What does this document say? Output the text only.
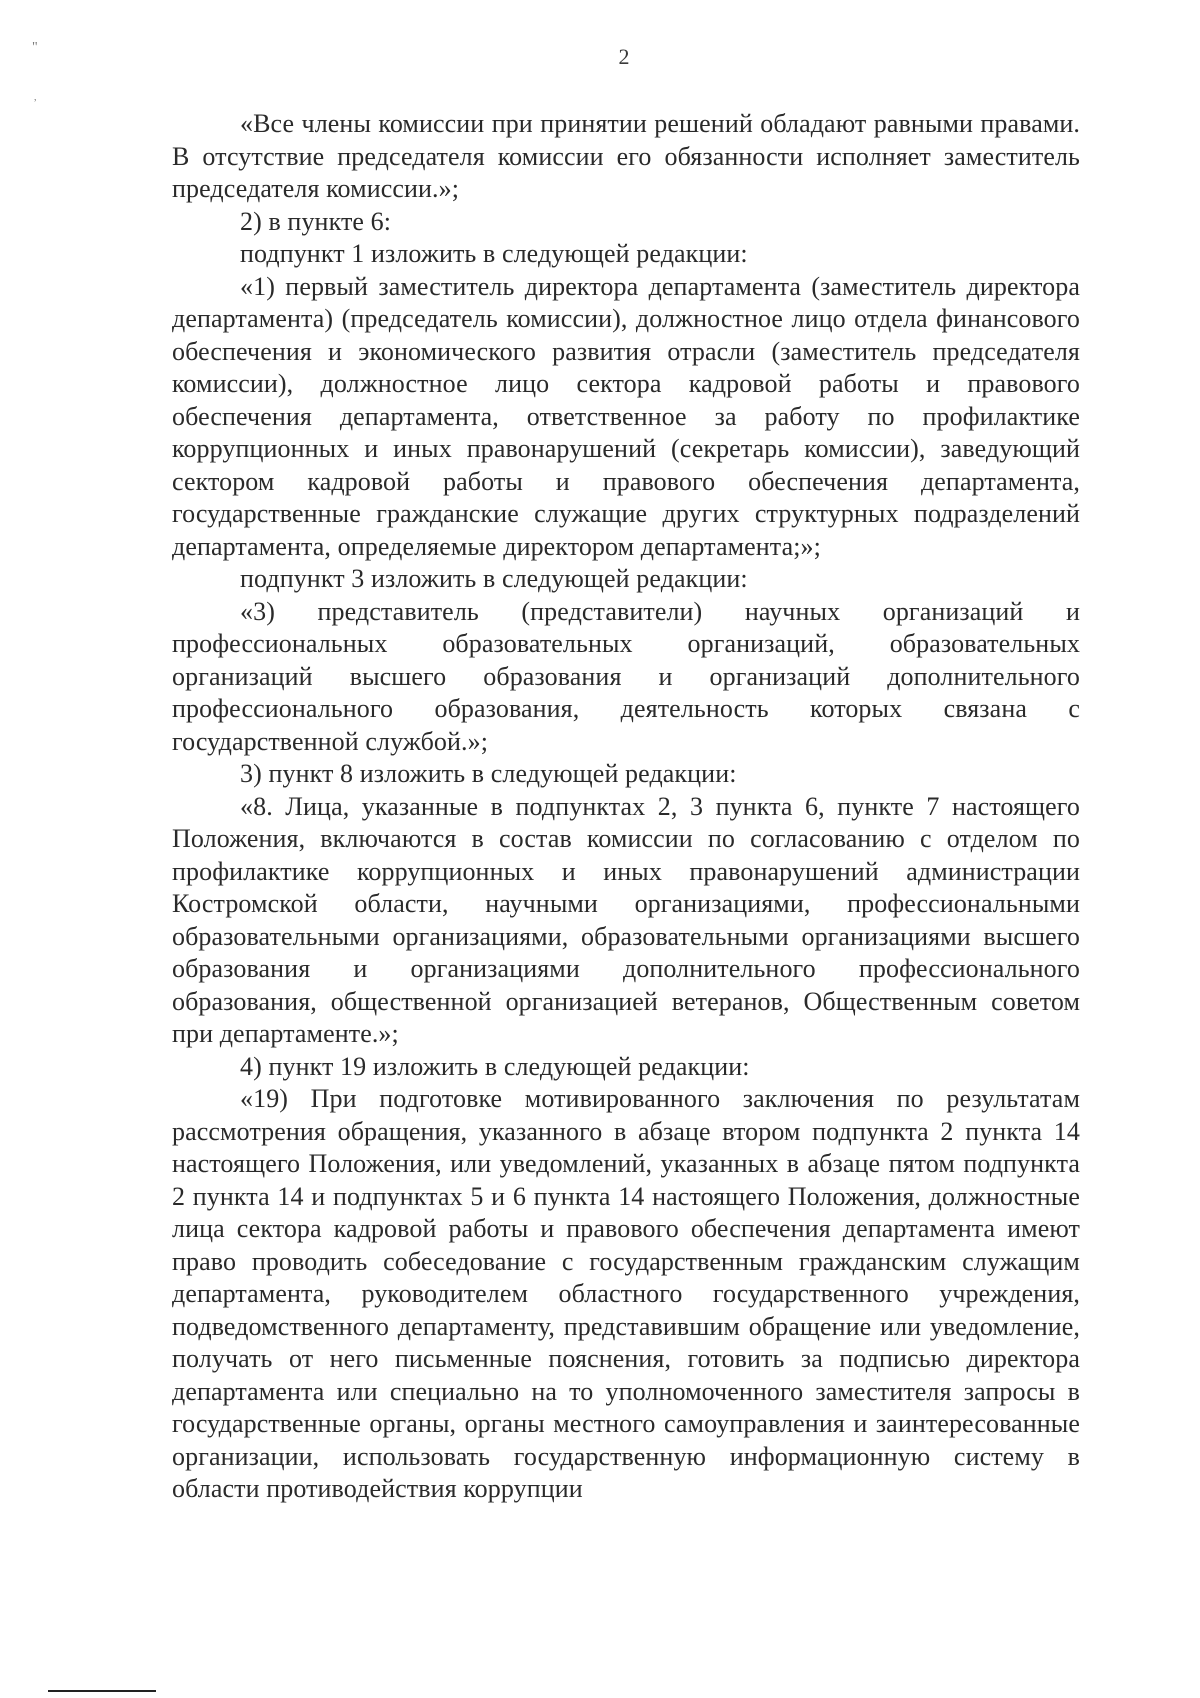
"
,
2

«Все члены комиссии при принятии решений обладают равными правами. В отсутствие председателя комиссии его обязанности исполняет заместитель председателя комиссии.»;

2) в пункте 6:

подпункт 1 изложить в следующей редакции:

«1) первый заместитель директора департамента (заместитель директора департамента) (председатель комиссии), должностное лицо отдела финансового обеспечения и экономического развития отрасли (заместитель председателя комиссии), должностное лицо сектора кадровой работы и правового обеспечения департамента, ответственное за работу по профилактике коррупционных и иных правонарушений (секретарь комиссии), заведующий сектором кадровой работы и правового обеспечения департамента, государственные гражданские служащие других структурных подразделений департамента, определяемые директором департамента;»;

подпункт 3 изложить в следующей редакции:

«3) представитель (представители) научных организаций и профессиональных образовательных организаций, образовательных организаций высшего образования и организаций дополнительного профессионального образования, деятельность которых связана с государственной службой.»;

3) пункт 8 изложить в следующей редакции:

«8. Лица, указанные в подпунктах 2, 3 пункта 6, пункте 7 настоящего Положения, включаются в состав комиссии по согласованию с отделом по профилактике коррупционных и иных правонарушений администрации Костромской области, научными организациями, профессиональными образовательными организациями, образовательными организациями высшего образования и организациями дополнительного профессионального образования, общественной организацией ветеранов, Общественным советом при департаменте.»;

4) пункт 19 изложить в следующей редакции:

«19) При подготовке мотивированного заключения по результатам рассмотрения обращения, указанного в абзаце втором подпункта 2 пункта 14 настоящего Положения, или уведомлений, указанных в абзаце пятом подпункта 2 пункта 14 и подпунктах 5 и 6 пункта 14 настоящего Положения, должностные лица сектора кадровой работы и правового обеспечения департамента имеют право проводить собеседование с государственным гражданским служащим департамента, руководителем областного государственного учреждения, подведомственного департаменту, представившим обращение или уведомление, получать от него письменные пояснения, готовить за подписью директора департамента или специально на то уполномоченного заместителя запросы в государственные органы, органы местного самоуправления и заинтересованные организации, использовать государственную информационную систему в области противодействия коррупции
